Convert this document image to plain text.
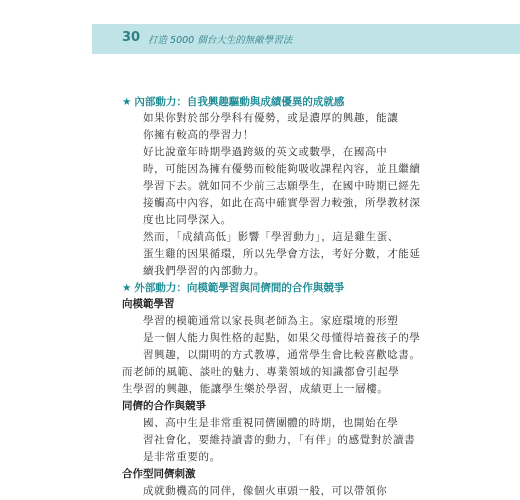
30 打造 5000 個台大生的無敵學習法

★ 內部動力：自我興趣驅動與成績優異的成就感

如果你對於部分學科有優勢，或是濃厚的興趣，能讓
你擁有較高的學習力！

好比說童年時期學過跨級的英文或數學，在國高中
時，可能因為擁有優勢而較能夠吸收課程內容，並且繼續
學習下去。就如同不少前三志願學生，在國中時期已經先
接觸高中內容，如此在高中確實學習力較強，所學教材深
度也比同學深入。

然而，「成績高低」影響「學習動力」，這是雞生蛋、
蛋生雞的因果循環，所以先學會方法，考好分數，才能延
續我們學習的內部動力。

★ 外部動力：向模範學習與同儕間的合作與競爭

向模範學習

學習的模範通常以家長與老師為主。家庭環境的形塑
是一個人能力與性格的起點，如果父母懂得培養孩子的學
習興趣，以開明的方式教導，通常學生會比較喜歡唸書。

而老師的風範、談吐的魅力、專業領域的知識都會引起學
生學習的興趣，能讓學生樂於學習，成績更上一層樓。

同儕的合作與競爭

國、高中生是非常重視同儕團體的時期，也開始在學
習社會化，要維持讀書的動力，「有伴」的感覺對於讀書
是非常重要的。

合作型同儕刺激

成就動機高的同伴，像個火車頭一般，可以帶領你
